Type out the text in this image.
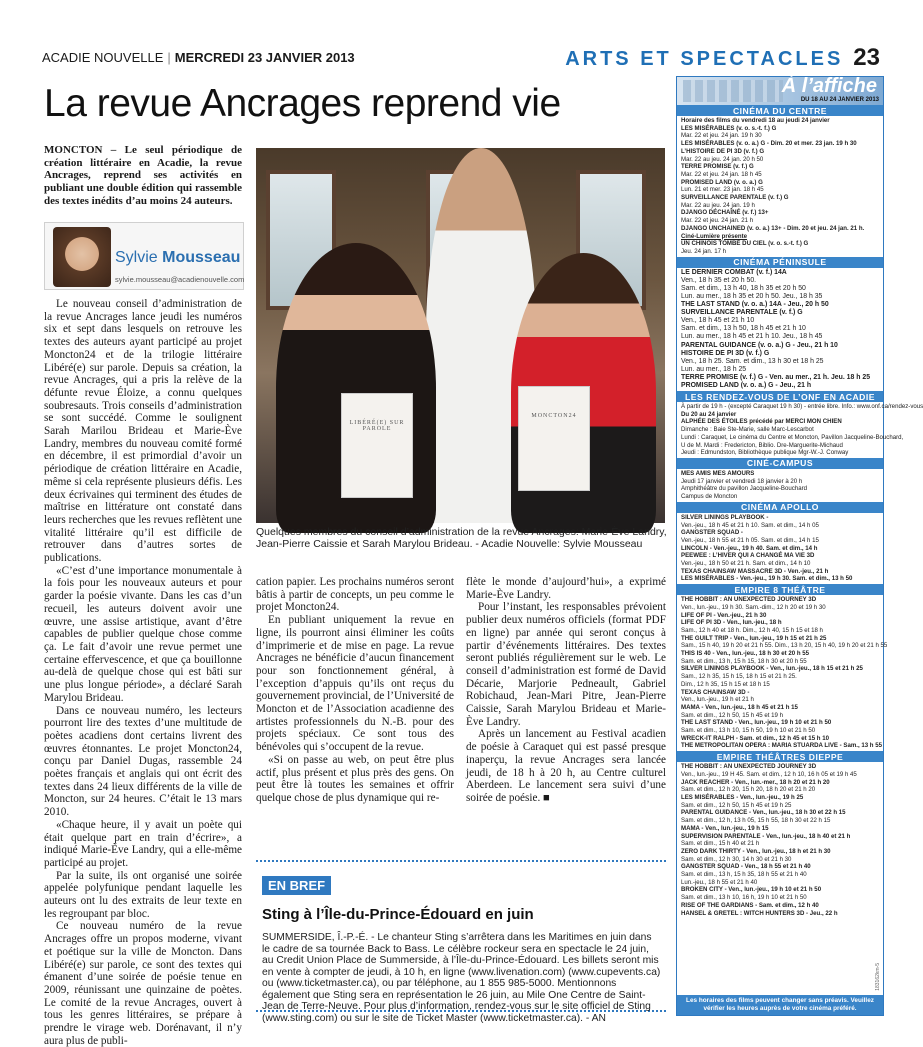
ACADIE NOUVELLE | MERCREDI 23 JANVIER 2013	ARTS ET SPECTACLES 23
La revue Ancrages reprend vie
MONCTON – Le seul périodique de création littéraire en Acadie, la revue Ancrages, reprend ses activités en publiant une double édition qui rassemble des textes inédits d’au moins 24 auteurs.
Sylvie Mousseau
sylvie.mousseau@acadienouvelle.com

Le nouveau conseil d’administration de la revue Ancrages lance jeudi les numéros six et sept dans lesquels on retrouve les textes des auteurs ayant participé au projet Moncton24 et de la trilogie littéraire Libéré(e) sur parole. Depuis sa création, la revue Ancrages, qui a pris la relève de la défunte revue Éloize, a connu quelques soubresauts. Trois conseils d’administration se sont succédé. Comme le soulignent Sarah Marilou Brideau et Marie-Ève Landry, membres du nouveau comité formé en décembre, il est primordial d’avoir un périodique de création littéraire en Acadie, même si cela représente plusieurs défis. Les deux écrivaines qui terminent des études de maîtrise en littérature ont constaté dans leurs recherches que les revues reflètent une vitalité littéraire qu’il est difficile de retrouver dans d’autres sortes de publications.

«C’est d’une importance monumentale à la fois pour les nouveaux auteurs et pour garder la poésie vivante. Dans les cas d’un recueil, les auteurs doivent avoir une œuvre, une assise artistique, avant d’être capables de publier quelque chose comme ça. Le fait d’avoir une revue permet une certaine effervescence, et que ça bouillonne au-delà de quelque chose qui est bâti sur une plus longue période», a déclaré Sarah Marylou Brideau.

Dans ce nouveau numéro, les lecteurs pourront lire des textes d’une multitude de poètes acadiens dont certains livrent des œuvres étonnantes. Le projet Moncton24, conçu par Daniel Dugas, rassemble 24 poètes français et anglais qui ont écrit des textes dans 24 lieux différents de la ville de Moncton, sur 24 heures. C’était le 13 mars 2010.

«Chaque heure, il y avait un poète qui était quelque part en train d’écrire», a indiqué Marie-Ève Landry, qui a elle-même participé au projet.

Par la suite, ils ont organisé une soirée appelée polyfunique pendant laquelle les auteurs ont lu des extraits de leur texte en les regroupant par bloc.

Ce nouveau numéro de la revue Ancrages offre un propos moderne, vivant et poétique sur la ville de Moncton. Dans Libéré(e) sur parole, ce sont des textes qui émanent d’une soirée de poésie tenue en 2009, réunissant une quinzaine de poètes. Le comité de la revue Ancrages, ouvert à tous les genres littéraires, se prépare à prendre le virage web. Dorénavant, il n’y aura plus de publi-

LIBÉRÉ(E) SUR PAROLE
MONCTON24
Quelques membres du conseil d’administration de la revue Ancrages: Marie-Ève Landry, Jean-Pierre Caissie et Sarah Marylou Brideau. - Acadie Nouvelle: Sylvie Mousseau

cation papier. Les prochains numéros seront bâtis à partir de concepts, un peu comme le projet Moncton24.

En publiant uniquement la revue en ligne, ils pourront ainsi éliminer les coûts d’imprimerie et de mise en page. La revue Ancrages ne bénéficie d’aucun financement pour son fonctionnement général, à l’exception d’appuis qu’ils ont reçus du gouvernement provincial, de l’Université de Moncton et de l’Association acadienne des artistes professionnels du N.-B. pour des projets spéciaux. Ce sont tous des bénévoles qui s’occupent de la revue.

«Si on passe au web, on peut être plus actif, plus présent et plus près des gens. On peut être là toutes les semaines et offrir quelque chose de plus dynamique qui re-

flète le monde d’aujourd’hui», a exprimé Marie-Ève Landry.

Pour l’instant, les responsables prévoient publier deux numéros officiels (format PDF en ligne) par année qui seront conçus à partir d’événements littéraires. Des textes seront publiés régulièrement sur le web. Le conseil d’administration est formé de David Décarie, Marjorie Pedneault, Gabriel Robichaud, Jean-Mari Pitre, Jean-Pierre Caissie, Sarah Marylou Brideau et Marie-Ève Landry.

Après un lancement au Festival acadien de poésie à Caraquet qui est passé presque inaperçu, la revue Ancrages sera lancée jeudi, de 18 h à 20 h, au Centre culturel Aberdeen. Le lancement sera suivi d’une soirée de poésie. ■

EN BREF
Sting à l’Île-du-Prince-Édouard en juin
SUMMERSIDE, Î.-P.-É. - Le chanteur Sting s’arrêtera dans les Maritimes en juin dans le cadre de sa tournée Back to Bass. Le célèbre rockeur sera en spectacle le 24 juin, au Credit Union Place de Summerside, à l’Île-du-Prince-Édouard. Les billets seront mis en vente à compter de jeudi, à 10 h, en ligne (www.livenation.com) (www.cupevents.ca) ou (www.ticketmaster.ca), ou par téléphone, au 1 855 985-5000. Mentionnons également que Sting sera en représentation le 26 juin, au Mile One Centre de Saint-Jean de Terre-Neuve. Pour plus d’information, rendez-vous sur le site officiel de Sting (www.sting.com) ou sur le site de Ticket Master (www.ticketmaster.ca). - AN
À l’affiche
DU 18 AU 24 JANVIER 2013
CINÉMA DU CENTRE
Horaire des films du vendredi 18 au jeudi 24 janvier
LES MISÉRABLES (v. o. s.-t. f.) G
Mar. 22 et jeu. 24 jan. 19 h 30
LES MISÉRABLES (v. o. a.) G - Dim. 20 et mer. 23 jan. 19 h 30
L’HISTOIRE DE PI 3D (v. f.) G
Mar. 22 au jeu. 24 jan. 20 h 50
TERRE PROMISE (v. f.) G
Mar. 22 et jeu. 24 jan. 18 h 45
PROMISED LAND (v. o. a.) G
Lun. 21 et mer. 23 jan. 18 h 45
SURVEILLANCE PARENTALE (v. f.) G
Mar. 22 au jeu. 24 jan. 19 h
DJANGO DÉCHAÎNÉ (v. f.) 13+
Mar. 22 et jeu. 24 jan. 21 h
DJANGO UNCHAINED (v. o. a.) 13+ - Dim. 20 et jeu. 24 jan. 21 h.
Ciné-Lumière présente
UN CHINOIS TOMBÉ DU CIEL (v. o. s.-t. f.) G
Jeu. 24 jan. 17 h
CINÉMA PÉNINSULE
LE DERNIER COMBAT (v. f.) 14A
Ven., 18 h 35 et 20 h 50.
Sam. et dim., 13 h 40, 18 h 35 et 20 h 50
Lun. au mer., 18 h 35 et 20 h 50. Jeu., 18 h 35
THE LAST STAND (v. o. a.) 14A - Jeu., 20 h 50
SURVEILLANCE PARENTALE (v. f.) G
Ven., 18 h 45 et 21 h 10
Sam. et dim., 13 h 50, 18 h 45 et 21 h 10
Lun. au mer., 18 h 45 et 21 h 10. Jeu., 18 h 45
PARENTAL GUIDANCE (v. o. a.) G - Jeu., 21 h 10
HISTOIRE DE PI 3D (v. f.) G
Ven., 18 h 25. Sam. et dim., 13 h 30 et 18 h 25
Lun. au mer., 18 h 25
TERRE PROMISE (v. f.) G - Ven. au mer., 21 h. Jeu. 18 h 25
PROMISED LAND (v. o. a.) G - Jeu., 21 h
LES RENDEZ-VOUS DE L’ONF EN ACADIE
À partir de 19 h - (excepté Caraquet 19 h 30) - entrée libre. Info.: www.onf.ca/rendez-vous
Du 20 au 24 janvier
ALPHÉE DES ÉTOILES précédé par MERCI MON CHIEN
Dimanche : Baie Ste-Marie, salle Marc-Lescarbot
Lundi : Caraquet, Le cinéma du Centre et Moncton, Pavillon Jacqueline-Bouchard,
U de M. Mardi : Fredericton, Biblio. Dre-Marguerite-Michaud
Jeudi : Edmundston, Bibliothèque publique Mgr-W.-J. Conway
CINÉ-CAMPUS
MES AMIS MES AMOURS
Jeudi 17 janvier et vendredi 18 janvier à 20 h
Amphithéâtre du pavillon Jacqueline-Bouchard
Campus de Moncton
CINÉMA APOLLO
SILVER LININGS PLAYBOOK -
Ven.-jeu., 18 h 45 et 21 h 10. Sam. et dim., 14 h 05
GANGSTER SQUAD -
Ven.-jeu., 18 h 55 et 21 h 05. Sam. et dim., 14 h 15
LINCOLN - Ven.-jeu., 19 h 40. Sam. et dim., 14 h
PEEWEE : L’HIVER QUI A CHANGÉ MA VIE 3D
Ven.-jeu., 18 h 50 et 21 h. Sam. et dim., 14 h 10
TEXAS CHAINSAW MASSACRE 3D - Ven.-jeu., 21 h
LES MISÉRABLES - Ven.-jeu., 19 h 30. Sam. et dim., 13 h 50
EMPIRE 8 THÉÂTRE
THE HOBBIT : AN UNEXPECTED JOURNEY 3D
Ven., lun.-jeu., 19 h 30. Sam.-dim., 12 h 20 et 19 h 30
LIFE OF PI - Ven.-jeu., 21 h 30
LIFE OF PI 3D - Ven., lun.-jeu., 18 h
Sam., 12 h 40 et 18 h. Dim., 12 h 40, 15 h 15 et 18 h
THE GUILT TRIP - Ven., lun.-jeu., 19 h 15 et 21 h 25
Sam., 15 h 40, 19 h 20 et 21 h 55. Dim., 13 h 20, 15 h 40, 19 h 20 et 21 h 55
THIS IS 40 - Ven., lun.-jeu., 18 h 30 et 20 h 55
Sam. et dim., 13 h, 15 h 15, 18 h 30 et 20 h 55
SILVER LININGS PLAYBOOK - Ven., lun.-jeu., 18 h 15 et 21 h 25
Sam., 12 h 35, 15 h 15, 18 h 15 et 21 h 25.
Dim., 12 h 35, 15 h 15 et 18 h 15
TEXAS CHAINSAW 3D -
Ven., lun.-jeu., 19 h et 21 h
MAMA - Ven., lun.-jeu., 18 h 45 et 21 h 15
Sam. et dim., 12 h 50, 15 h 45 et 19 h
THE LAST STAND - Ven., lun.-jeu., 19 h 10 et 21 h 50
Sam. et dim., 13 h 10, 15 h 50, 19 h 10 et 21 h 50
WRECK-IT RALPH - Sam. et dim., 12 h 45 et 15 h 10
THE METROPOLITAN OPERA : MARIA STUARDA LIVE - Sam., 13 h 55
EMPIRE THÉÂTRES DIEPPE
THE HOBBIT : AN UNEXPECTED JOURNEY 3D
Ven., lun.-jeu., 19 H 45. Sam. et dim., 12 h 10, 16 h 05 et 19 h 45
JACK REACHER - Ven., lun.-mer., 18 h 20 et 21 h 20
Sam. et dim., 12 h 20, 15 h 20, 18 h 20 et 21 h 20
LES MISÉRABLES - Ven., lun.-jeu., 19 h 25
Sam. et dim., 12 h 50, 15 h 45 et 19 h 25
PARENTAL GUIDANCE - Ven., lun.-jeu., 18 h 30 et 22 h 15
Sam. et dim., 12 h, 13 h 05, 15 h 55, 18 h 30 et 22 h 15
MAMA - Ven., lun.-jeu., 19 h 15
SUPERVISION PARENTALE - Ven., lun.-jeu., 18 h 40 et 21 h
Sam. et dim., 15 h 40 et 21 h
ZERO DARK THIRTY - Ven., lun.-jeu., 18 h et 21 h 30
Sam. et dim., 12 h 30, 14 h 30 et 21 h 30
GANGSTER SQUAD - Ven., 18 h 55 et 21 h 40
Sam. et dim., 13 h, 15 h 35, 18 h 55 et 21 h 40
Lun.-jeu., 18 h 55 et 21 h 40
BROKEN CITY - Ven., lun.-jeu., 19 h 10 et 21 h 50
Sam. et dim., 13 h 10, 16 h, 19 h 10 et 21 h 50
RISE OF THE GARDIANS - Sam. et dim., 12 h 40
HANSEL & GRETEL : WITCH HUNTERS 3D - Jeu., 22 h
183162km-5
Les horaires des films peuvent changer sans préavis. Veuillez vérifier les heures auprès de votre cinéma préféré.
